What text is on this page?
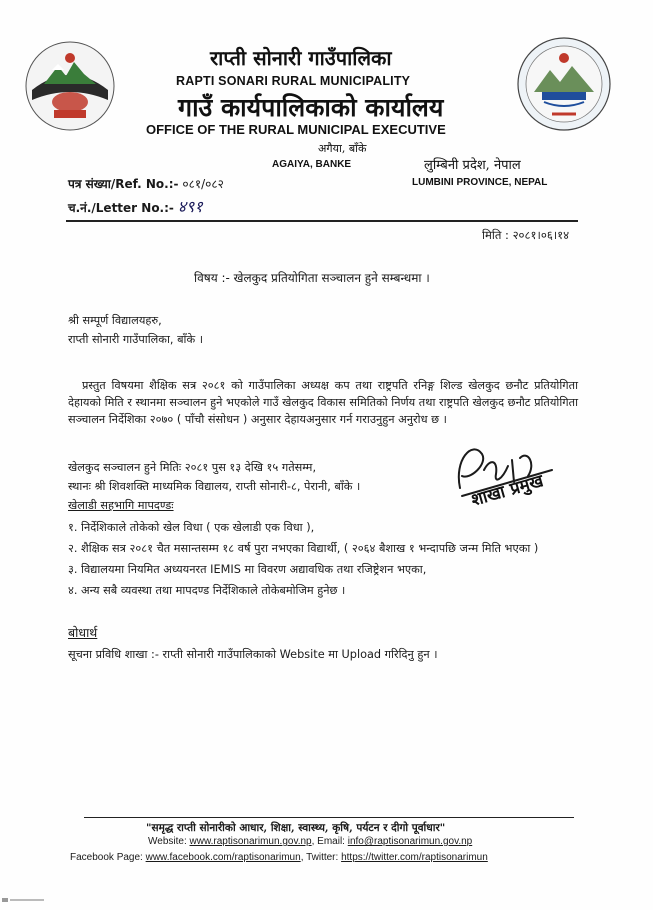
राप्ती सोनारी गाउँपालिका
RAPTI SONARI RURAL MUNICIPALITY
गाउँ कार्यपालिकाको कार्यालय
OFFICE OF THE RURAL MUNICIPAL EXECUTIVE
अगैया, बाँके
AGAIYA, BANKE	लुम्बिनी प्रदेश, नेपाल
LUMBINI PROVINCE, NEPAL
पत्र संख्या/Ref. No.:- ०८१/०८२
च.नं./Letter No.:- ४९१
मिति : २०८१।०६।१४
विषय :- खेलकुद प्रतियोगिता सञ्चालन हुने सम्बन्धमा ।
श्री सम्पूर्ण विद्यालयहरु,
राप्ती सोनारी गाउँपालिका, बाँके ।
प्रस्तुत विषयमा शैक्षिक सत्र २०८१ को गाउँपालिका अध्यक्ष कप तथा राष्ट्रपति रनिङ्ग शिल्ड खेलकुद छनौट प्रतियोगिता देहायको मिति र स्थानमा सञ्चालन हुने भएकोले गाउँ खेलकुद विकास समितिको निर्णय तथा राष्ट्रपति खेलकुद छनौट प्रतियोगिता सञ्चालन निर्देशिका २०७० ( पाँचौ संसोधन ) अनुसार देहायअनुसार गर्न गराउनुहुन अनुरोध छ ।
खेलकुद सञ्चालन हुने मितिः २०८१ पुस १३ देखि १५ गतेसम्म,
स्थानः श्री शिवशक्ति माध्यमिक विद्यालय, राप्ती सोनारी-८, पेरानी, बाँके ।
खेलाडी सहभागि मापदण्डः
१. निर्देशिकाले तोकेको खेल विधा ( एक खेलाडी एक विधा ),
२. शैक्षिक सत्र २०८१ चैत मसान्तसम्म १८ वर्ष पुरा नभएका विद्यार्थी, ( २०६४ बैशाख १ भन्दापछि जन्म मिति भएका )
३. विद्यालयमा नियमित अध्ययनरत IEMIS मा विवरण अद्यावधिक तथा रजिष्ट्रेशन भएका,
४. अन्य सबै व्यवस्था तथा मापदण्ड निर्देशिकाले तोकेबमोजिम हुनेछ ।
बोधार्थ
सूचना प्रविधि शाखा :- राप्ती सोनारी गाउँपालिकाको Website मा Upload गरिदिनु हुन ।
शाखा प्रमुख
"समृद्ध राप्ती सोनारीको आधार, शिक्षा, स्वास्थ्य, कृषि, पर्यटन र दीगो पूर्वाधार"
Website: www.raptisonarimun.gov.np, Email: info@raptisonarimun.gov.np
Facebook Page: www.facebook.com/raptisonarimun, Twitter: https://twitter.com/raptisonarimun
